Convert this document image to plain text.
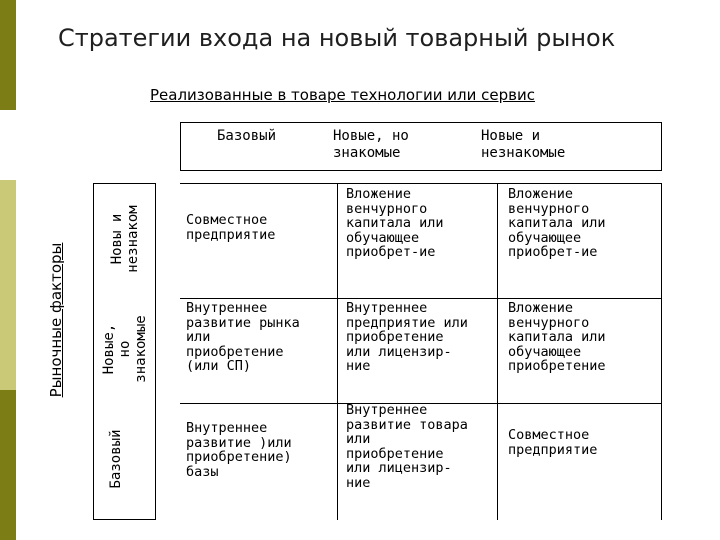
Стратегии входа на новый товарный рынок
Реализованные в товаре технологии или сервис
Базовый	Новые, но
знакомые
Новые и
незнакомые
Рыночные факторы	Новы и
незнаком
Новые, но
знакомые
Базовый
Совместное
предприятие
Вложение
венчурного
капитала или
обучающее
приобрет-ие
Вложение
венчурного
капитала или
обучающее
приобрет-ие
Внутреннее
развитие рынка
или
приобретение
(или СП)
Внутреннее
предприятие или
приобретение
или лицензир-
ние
Вложение
венчурного
капитала или
обучающее
приобретение
Внутреннее
развитие )или
приобретение)
базы
Внутреннее
развитие товара
или
приобретение
или лицензир-
ние
Совместное
предприятие
